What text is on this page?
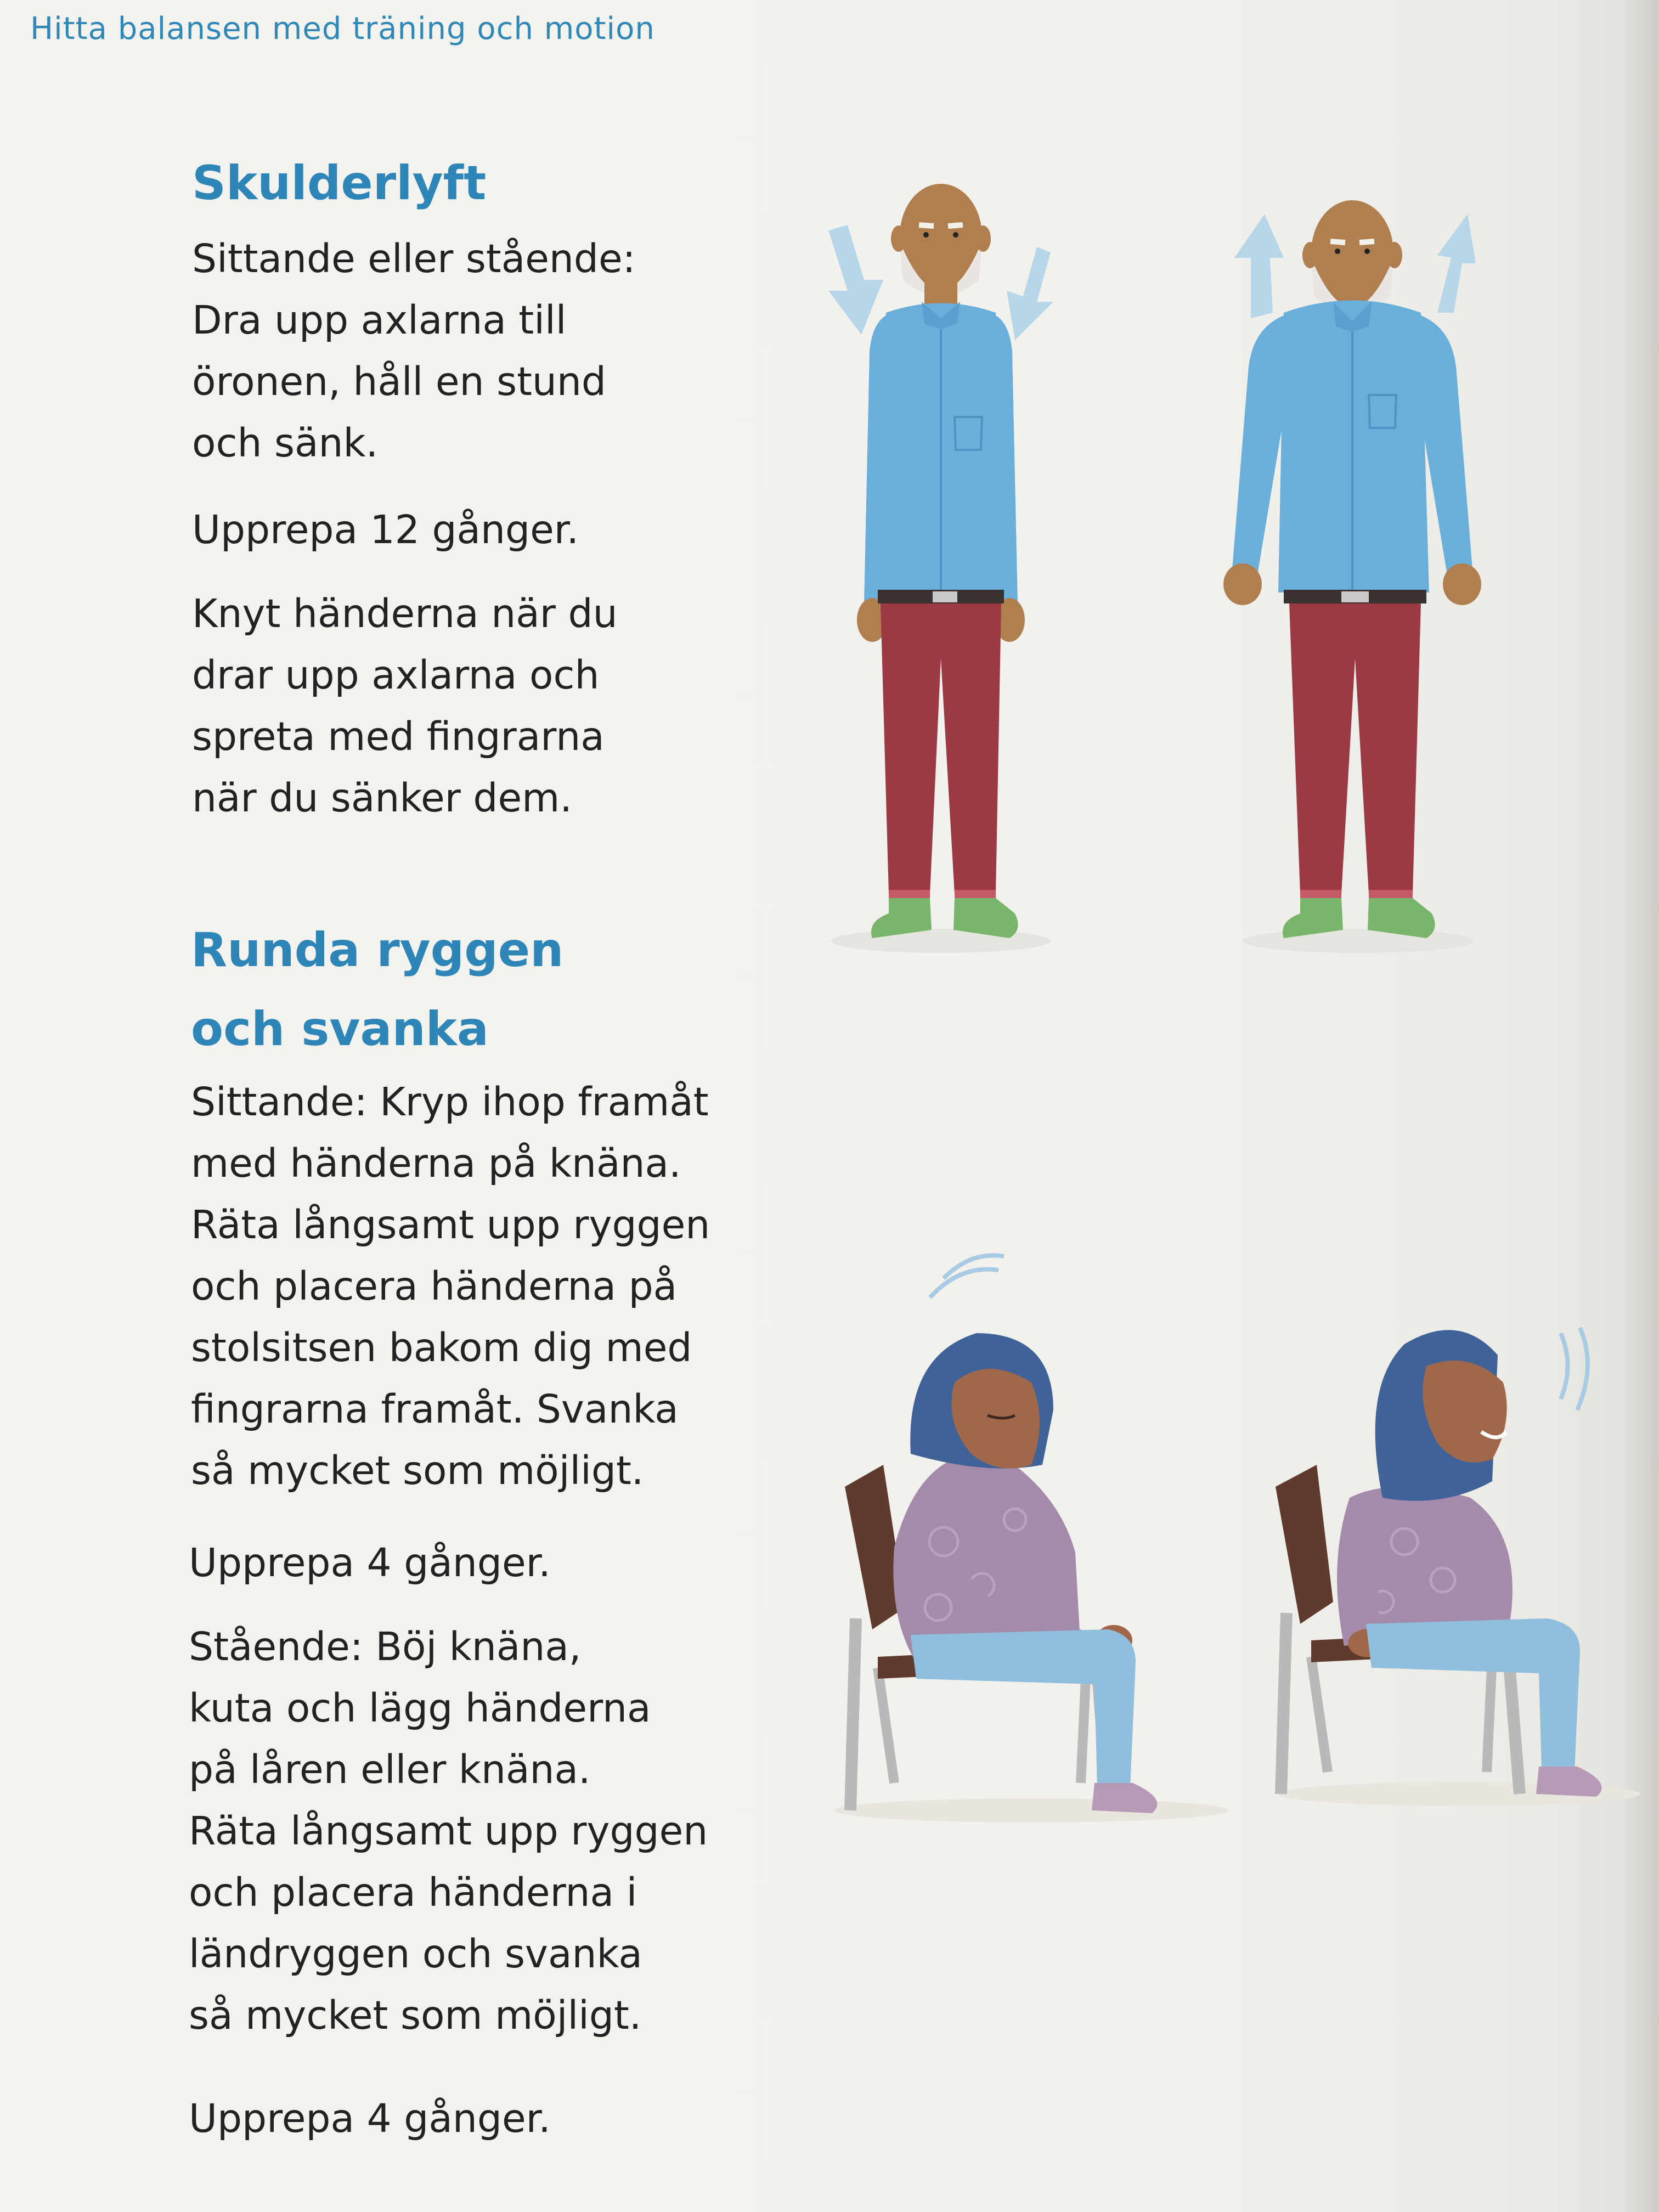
Hitta balansen med träning och motion
Skulderlyft

Sittande eller stående:
Dra upp axlarna till
öronen, håll en stund
och sänk.

Upprepa 12 gånger.

Knyt händerna när du
drar upp axlarna och
spreta med fingrarna
när du sänker dem.

Runda ryggen
och svanka

Sittande: Kryp ihop framåt
med händerna på knäna.
Räta långsamt upp ryggen
och placera händerna på
stolsitsen bakom dig med
fingrarna framåt. Svanka
så mycket som möjligt.

Upprepa 4 gånger.

Stående: Böj knäna,
kuta och lägg händerna
på låren eller knäna.
Räta långsamt upp ryggen
och placera händerna i
ländryggen och svanka
så mycket som möjligt.

Upprepa 4 gånger.
